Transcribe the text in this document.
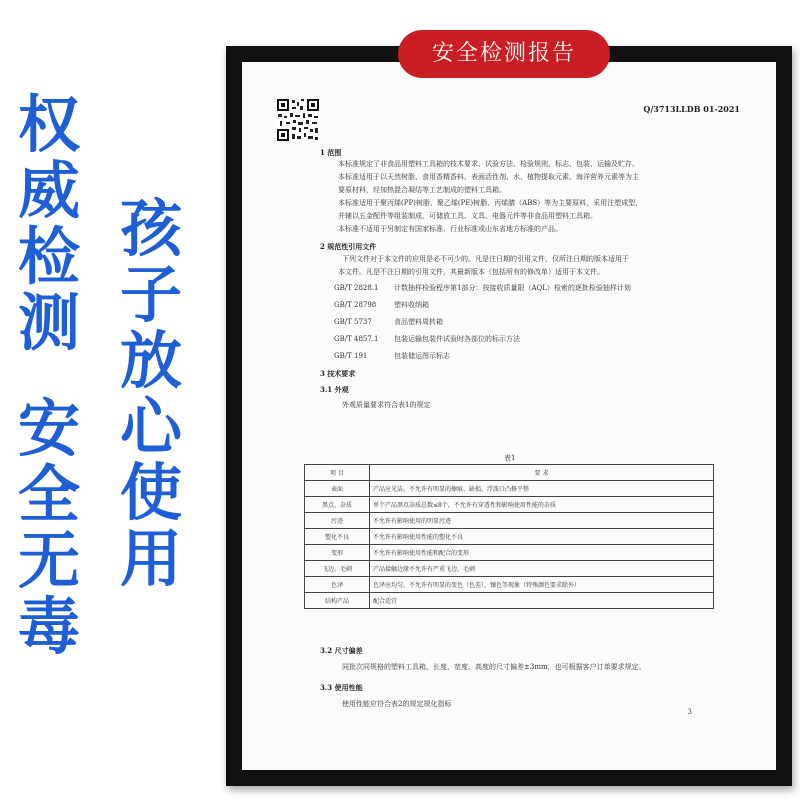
权
威
检
测
安
全
无
毒
孩
子
放
心
使
用
Q/3713LLDB 01-2021
1 范围
本标准规定了非食品用塑料工具箱的技术要求、试验方法、检验规则、标志、包装、运输及贮存。
本标准适用于以天然树脂、食用香精香料、表面活性剂、水、植物提取元素、海洋营养元素等为主
要原材料，经加热混合凝结等工艺制成的塑料工具箱。
本标准适用于聚丙烯(PP)树脂、聚乙烯(PE)树脂、丙烯腈（ABS）等为主要原料，采用注塑成型，
并辅以五金配件等组装制成，可储放工具、文具、电器元件等非食品用塑料工具箱。
本标准不适用于另制定有国家标准、行业标准或山东省地方标准的产品。
2 规范性引用文件
下列文件对于本文件的应用是必不可少的。凡是注日期的引用文件，仅所注日期的版本适用于
本文件。凡是不注日期的引用文件，其最新版本（包括所有的修改单）适用于本文件。
GB/T 2828.1 计数抽样检验程序第1部分：按接收质量限（AQL）检索的逐批检验抽样计划
GB/T 28798	塑料收纳箱
GB/T 5737	食品塑料周转箱
GB/T 4857.1 包装运输包装件试验时各部位的标示方法
GB/T 191	包装储运图示标志
3 技术要求
3.1 外观
外观质量要求符合表1的规定
表1
项 目	要 求
表面	产品应光洁，不允许有明显的擦痕、缺损、浮泼口凸修平整
黑点、杂质	单个产品黑点杂质总数≤8个，不允许有穿透性和影响使用性能的杂质
污迹	不允许有影响使用的明显污迹
塑化不良	不允许有影响使用性能的塑化不良
变形	不允许有影响使用性能和配合的变形
飞边、毛刺	产品接触边缘不允许有严重飞边、毛刺
色泽	色泽应均匀，不允许有明显的变色（色差），镶色等现象（特殊颜色要求除外）
结构产品	配合适宜
3.2 尺寸偏差
同批次同规格的塑料工具箱，长度、宽度、高度的尺寸偏差±3mm，也可根据客户订单要求规定。
3.3 使用性能
使用性能应符合表2的规定规化指标
3
安全检测报告
